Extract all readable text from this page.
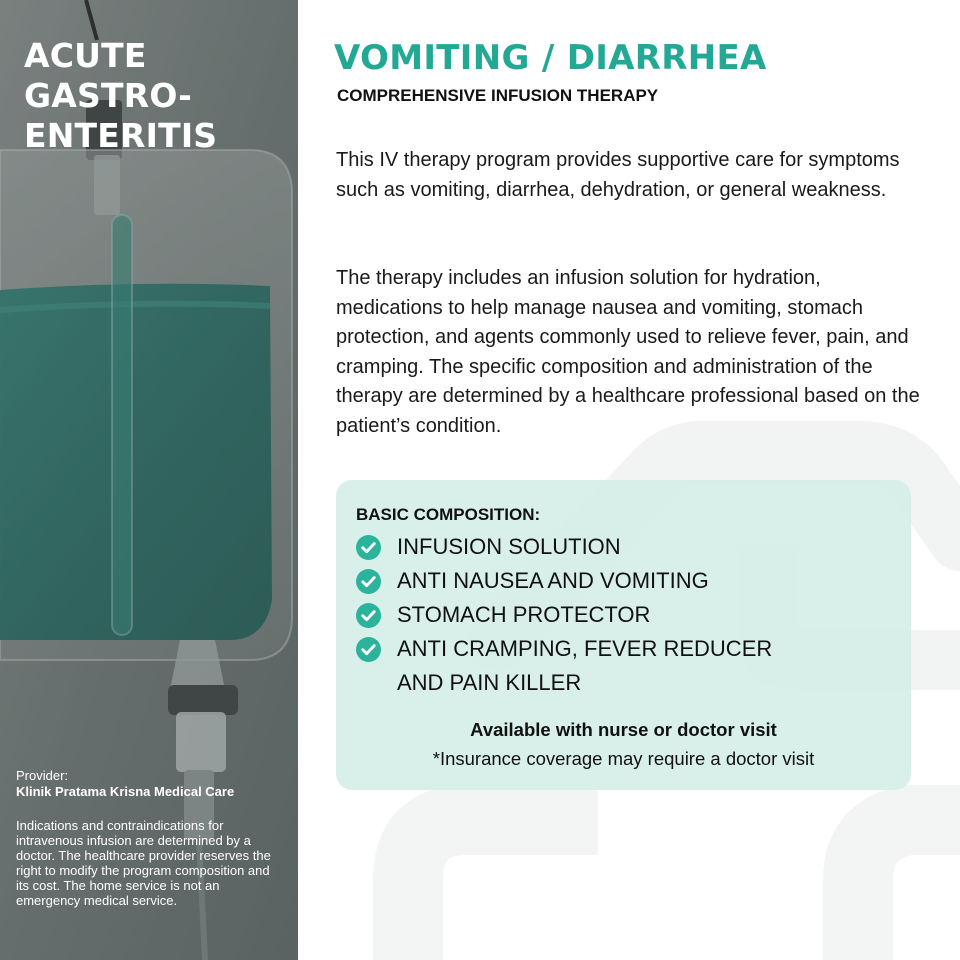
ACUTE GASTRO-
ENTERITIS
Provider:
Klinik Pratama Krisna Medical Care

Indications and contraindications for intravenous infusion are determined by a doctor. The healthcare provider reserves the right to modify the program composition and its cost. The home service is not an emergency medical service.

VOMITING / DIARRHEA
COMPREHENSIVE INFUSION THERAPY

This IV therapy program provides supportive care for symptoms such as vomiting, diarrhea, dehydration, or general weakness.

The therapy includes an infusion solution for hydration, medications to help manage nausea and vomiting, stomach protection, and agents commonly used to relieve fever, pain, and cramping. The specific composition and administration of the therapy are determined by a healthcare professional based on the patient’s condition.

BASIC COMPOSITION:
INFUSION SOLUTION
ANTI NAUSEA AND VOMITING
STOMACH PROTECTOR
ANTI CRAMPING, FEVER REDUCER AND PAIN KILLER

Available with nurse or doctor visit

*Insurance coverage may require a doctor visit
